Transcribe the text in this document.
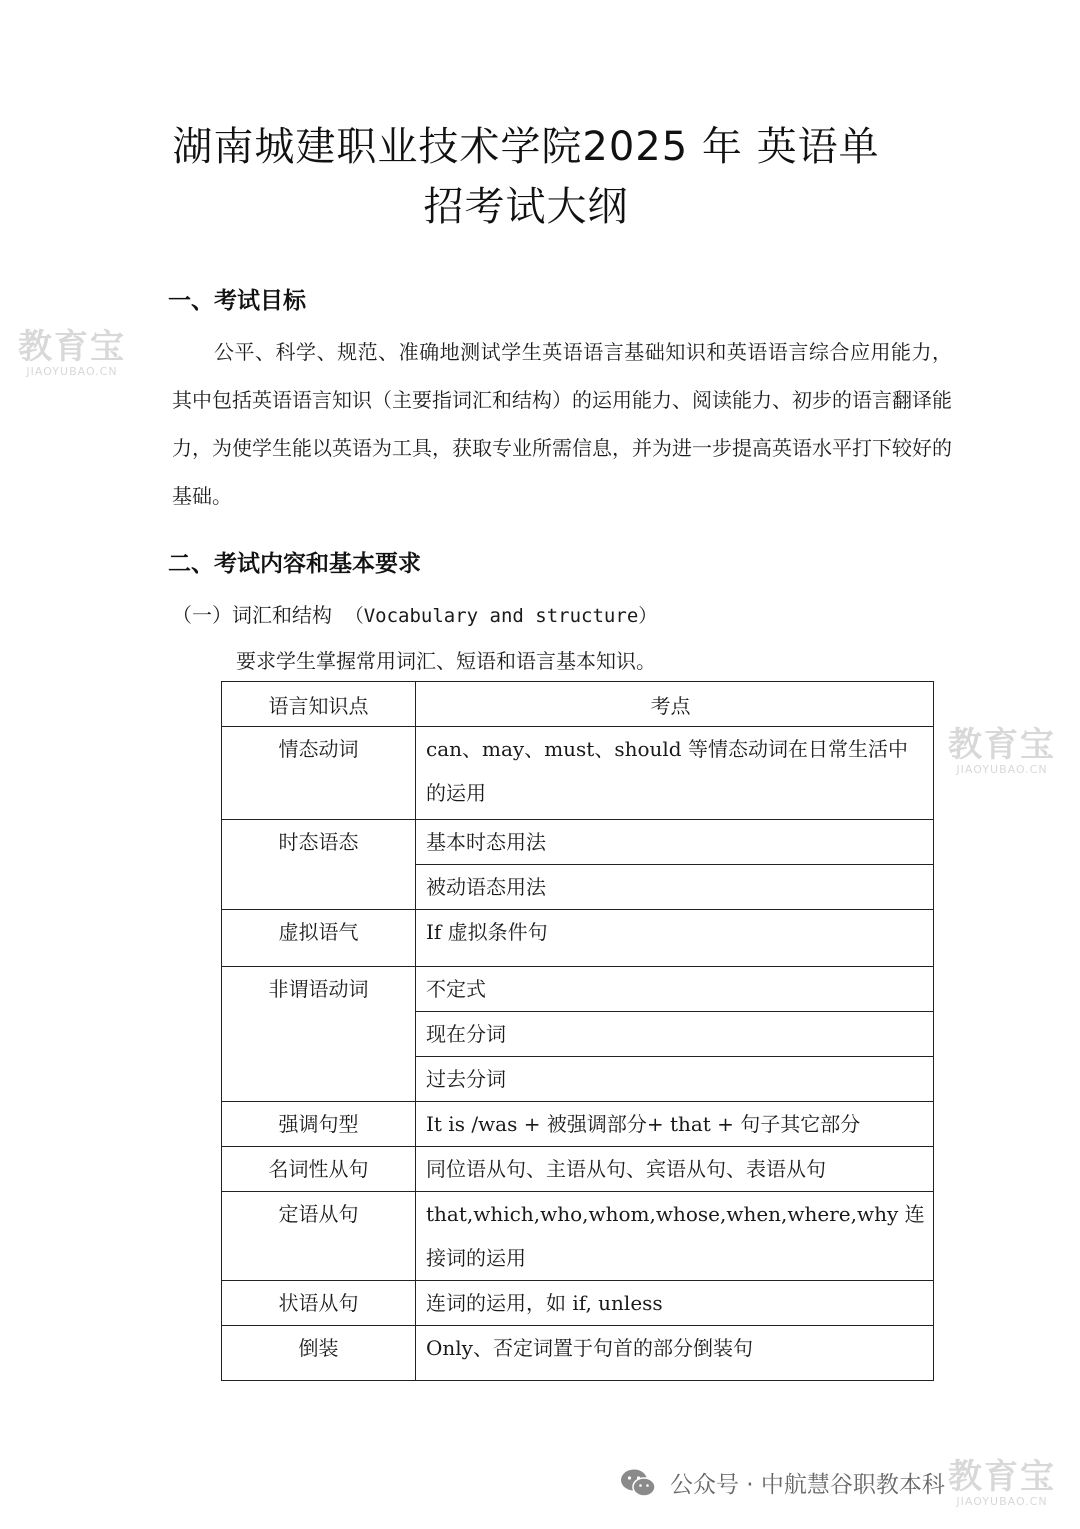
湖南城建职业技术学院2025 年 英语单
招考试大纲
一、考试目标
公平、科学、规范、准确地测试学生英语语言基础知识和英语语言综合应用能力，其中包括英语语言知识（主要指词汇和结构）的运用能力、阅读能力、初步的语言翻译能力，为使学生能以英语为工具，获取专业所需信息，并为进一步提高英语水平打下较好的基础。
二、考试内容和基本要求
（一）词汇和结构 （Vocabulary and structure）
要求学生掌握常用词汇、短语和语言基本知识。
语言知识点	考点

情态动词	can、may、must、should 等情态动词在日常生活中的运用

时态语态	基本时态用法

	被动语态用法

虚拟语气	If 虚拟条件句

非谓语动词	不定式

	现在分词

	过去分词

强调句型	It is /was + 被强调部分+ that + 句子其它部分

名词性从句	同位语从句、主语从句、宾语从句、表语从句

定语从句	that,which,who,whom,whose,when,where,why 连接词的运用

状语从句	连词的运用，如 if, unless

倒装	Only、否定词置于句首的部分倒装句
教育宝
JIAOYUBAO.CN
教育宝
JIAOYUBAO.CN
教育宝
JIAOYUBAO.CN
公众号 · 中航慧谷职教本科
